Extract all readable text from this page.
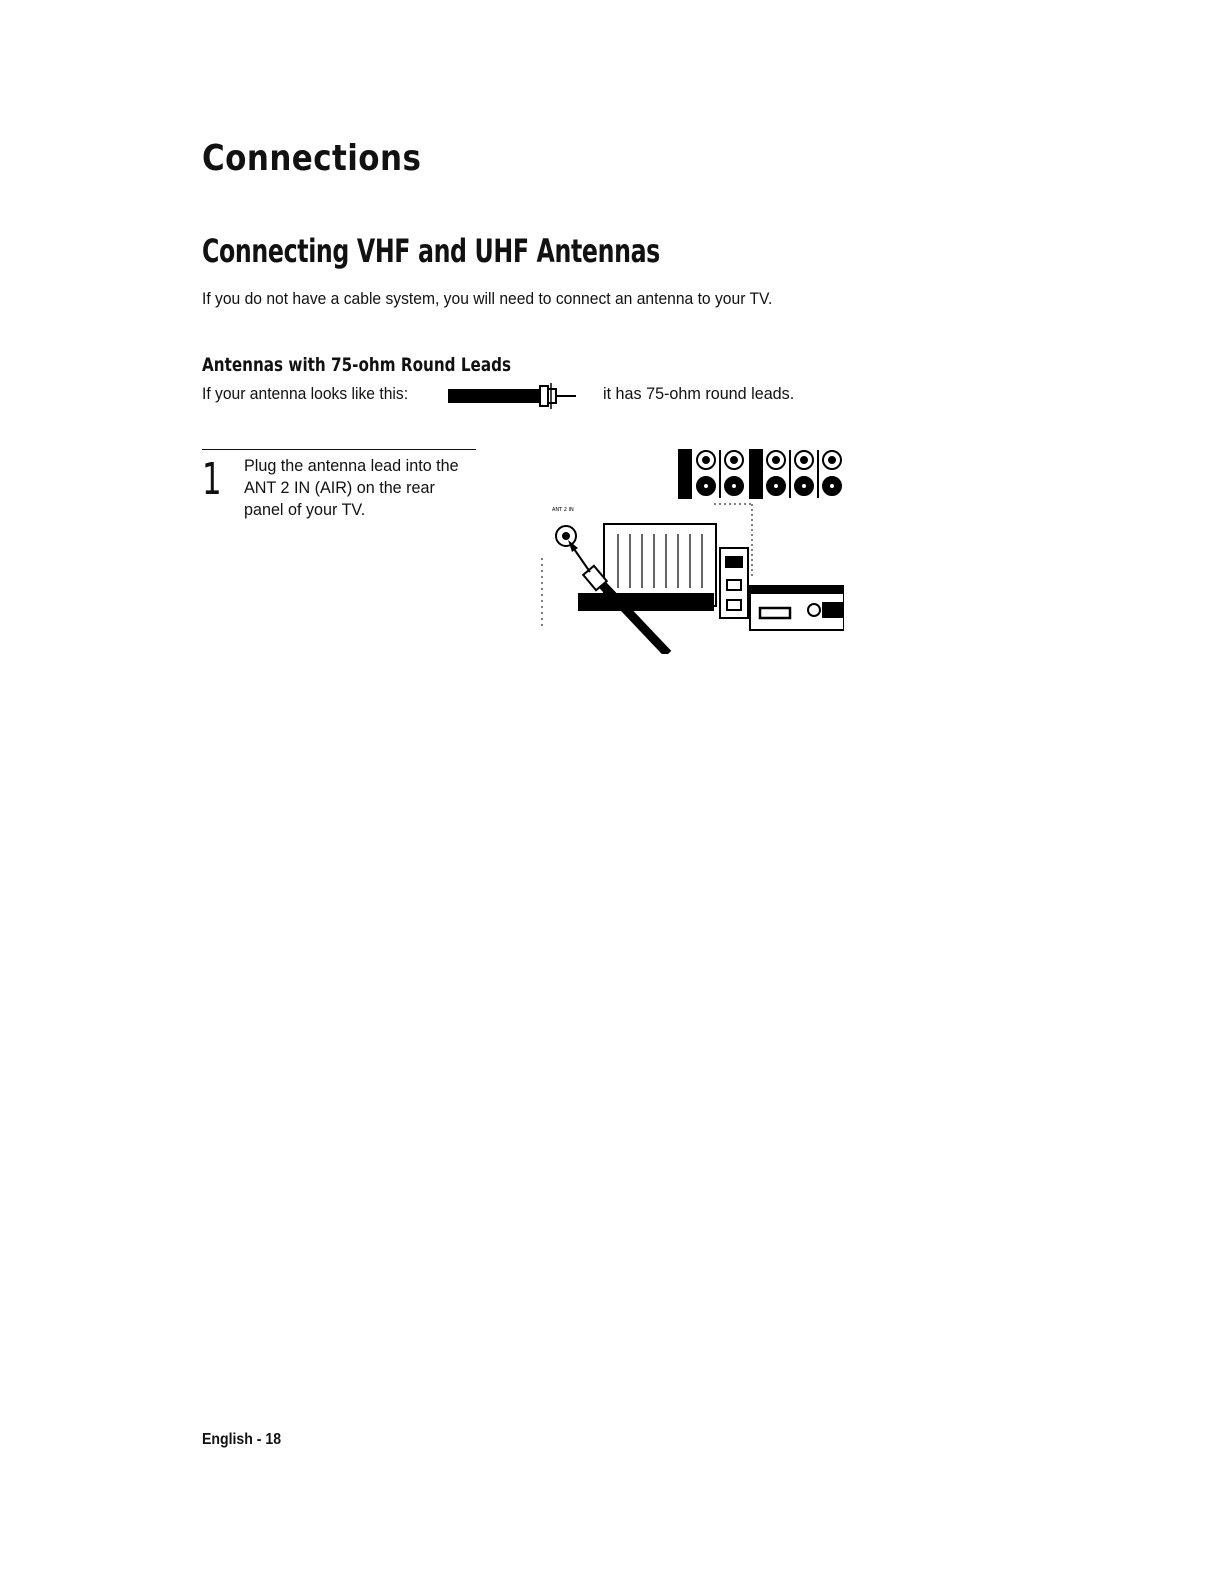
Connections
Connecting VHF and UHF Antennas
If you do not have a cable system, you will need to connect an antenna to your TV.
Antennas with 75-ohm Round Leads
If your antenna looks like this:	it has 75-ohm round leads.
1 Plug the antenna lead into the ANT 2 IN (AIR) on the rear panel of your TV.	ANT 2 IN
English - 18
